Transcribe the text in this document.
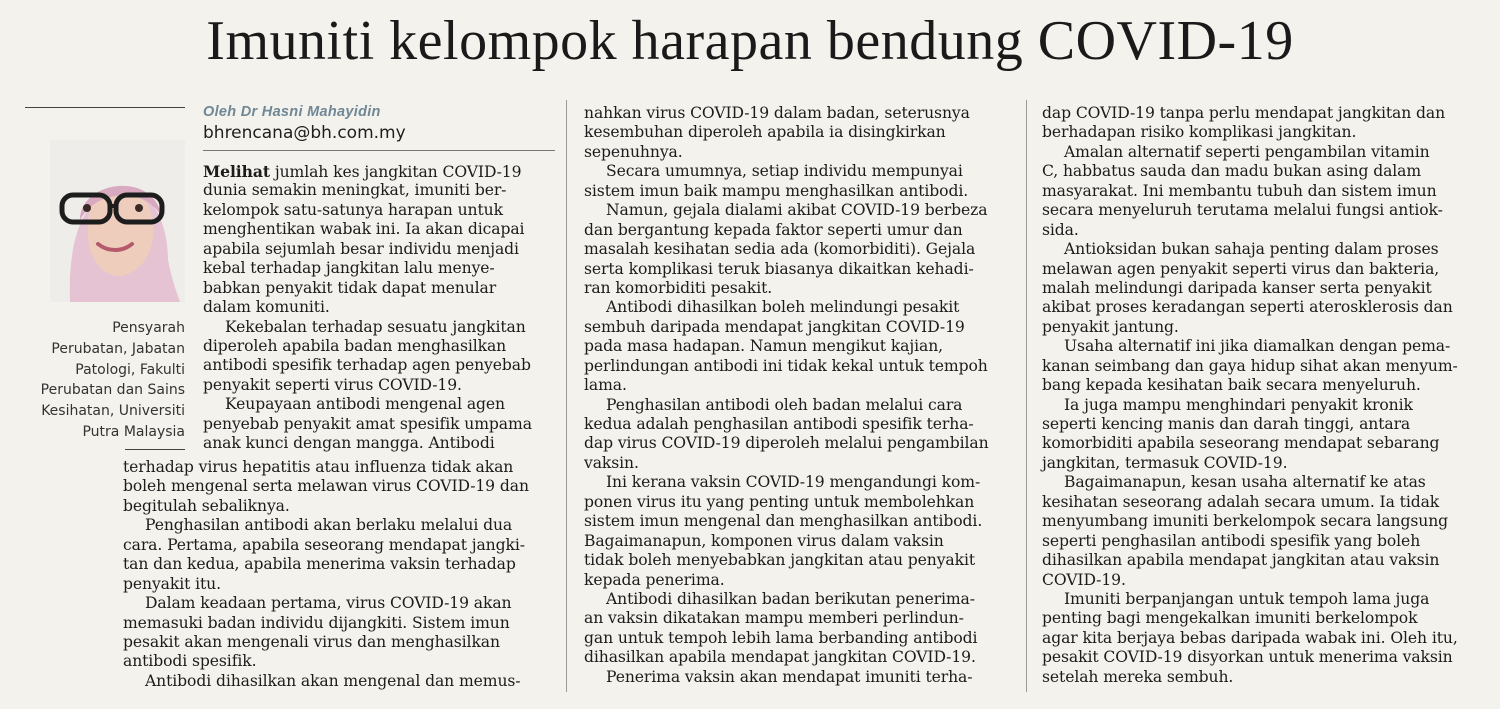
Imuniti kelompok harapan bendung COVID-19
Oleh Dr Hasni Mahayidin
bhrencana@bh.com.my
Pensyarah
Perubatan, Jabatan
Patologi, Fakulti
Perubatan dan Sains
Kesihatan, Universiti
Putra Malaysia
Melihat jumlah kes jangkitan COVID-19
dunia semakin meningkat, imuniti ber-
kelompok satu-satunya harapan untuk
menghentikan wabak ini. Ia akan dicapai
apabila sejumlah besar individu menjadi
kebal terhadap jangkitan lalu menye-
babkan penyakit tidak dapat menular
dalam komuniti.
Kekebalan terhadap sesuatu jangkitan
diperoleh apabila badan menghasilkan
antibodi spesifik terhadap agen penyebab
penyakit seperti virus COVID-19.
Keupayaan antibodi mengenal agen
penyebab penyakit amat spesifik umpama
anak kunci dengan mangga. Antibodi
terhadap virus hepatitis atau influenza tidak akan
boleh mengenal serta melawan virus COVID-19 dan
begitulah sebaliknya.
Penghasilan antibodi akan berlaku melalui dua
cara. Pertama, apabila seseorang mendapat jangki-
tan dan kedua, apabila menerima vaksin terhadap
penyakit itu.
Dalam keadaan pertama, virus COVID-19 akan
memasuki badan individu dijangkiti. Sistem imun
pesakit akan mengenali virus dan menghasilkan
antibodi spesifik.
Antibodi dihasilkan akan mengenal dan memus-
nahkan virus COVID-19 dalam badan, seterusnya
kesembuhan diperoleh apabila ia disingkirkan
sepenuhnya.
Secara umumnya, setiap individu mempunyai
sistem imun baik mampu menghasilkan antibodi.
Namun, gejala dialami akibat COVID-19 berbeza
dan bergantung kepada faktor seperti umur dan
masalah kesihatan sedia ada (komorbiditi). Gejala
serta komplikasi teruk biasanya dikaitkan kehadi-
ran komorbiditi pesakit.
Antibodi dihasilkan boleh melindungi pesakit
sembuh daripada mendapat jangkitan COVID-19
pada masa hadapan. Namun mengikut kajian,
perlindungan antibodi ini tidak kekal untuk tempoh
lama.
Penghasilan antibodi oleh badan melalui cara
kedua adalah penghasilan antibodi spesifik terha-
dap virus COVID-19 diperoleh melalui pengambilan
vaksin.
Ini kerana vaksin COVID-19 mengandungi kom-
ponen virus itu yang penting untuk membolehkan
sistem imun mengenal dan menghasilkan antibodi.
Bagaimanapun, komponen virus dalam vaksin
tidak boleh menyebabkan jangkitan atau penyakit
kepada penerima.
Antibodi dihasilkan badan berikutan penerima-
an vaksin dikatakan mampu memberi perlindun-
gan untuk tempoh lebih lama berbanding antibodi
dihasilkan apabila mendapat jangkitan COVID-19.
Penerima vaksin akan mendapat imuniti terha-
dap COVID-19 tanpa perlu mendapat jangkitan dan
berhadapan risiko komplikasi jangkitan.
Amalan alternatif seperti pengambilan vitamin
C, habbatus sauda dan madu bukan asing dalam
masyarakat. Ini membantu tubuh dan sistem imun
secara menyeluruh terutama melalui fungsi antiok-
sida.
Antioksidan bukan sahaja penting dalam proses
melawan agen penyakit seperti virus dan bakteria,
malah melindungi daripada kanser serta penyakit
akibat proses keradangan seperti aterosklerosis dan
penyakit jantung.
Usaha alternatif ini jika diamalkan dengan pema-
kanan seimbang dan gaya hidup sihat akan menyum-
bang kepada kesihatan baik secara menyeluruh.
Ia juga mampu menghindari penyakit kronik
seperti kencing manis dan darah tinggi, antara
komorbiditi apabila seseorang mendapat sebarang
jangkitan, termasuk COVID-19.
Bagaimanapun, kesan usaha alternatif ke atas
kesihatan seseorang adalah secara umum. Ia tidak
menyumbang imuniti berkelompok secara langsung
seperti penghasilan antibodi spesifik yang boleh
dihasilkan apabila mendapat jangkitan atau vaksin
COVID-19.
Imuniti berpanjangan untuk tempoh lama juga
penting bagi mengekalkan imuniti berkelompok
agar kita berjaya bebas daripada wabak ini. Oleh itu,
pesakit COVID-19 disyorkan untuk menerima vaksin
setelah mereka sembuh.
